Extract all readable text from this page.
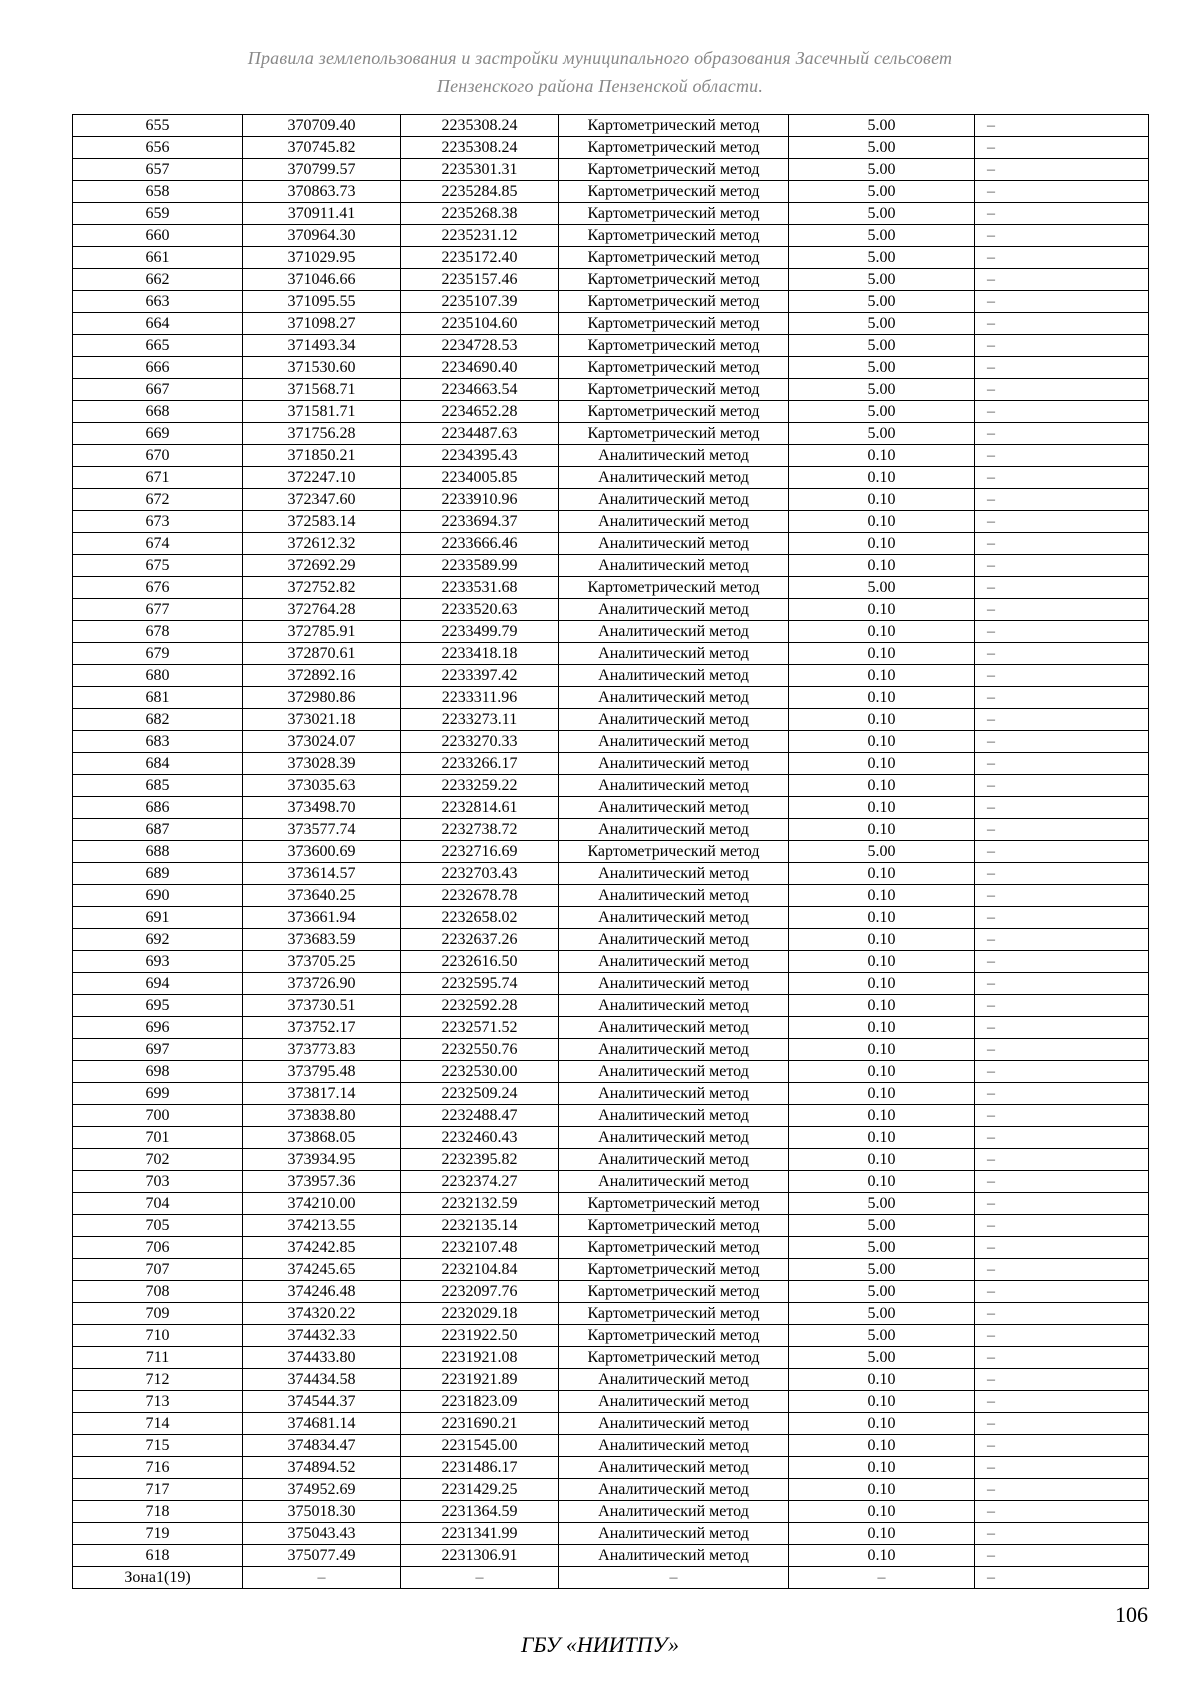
Правила землепользования и застройки муниципального образования Засечный сельсовет
Пензенского района Пензенской области.
655	370709.40	2235308.24	Картометрический метод	5.00	–
656	370745.82	2235308.24	Картометрический метод	5.00	–
657	370799.57	2235301.31	Картометрический метод	5.00	–
658	370863.73	2235284.85	Картометрический метод	5.00	–
659	370911.41	2235268.38	Картометрический метод	5.00	–
660	370964.30	2235231.12	Картометрический метод	5.00	–
661	371029.95	2235172.40	Картометрический метод	5.00	–
662	371046.66	2235157.46	Картометрический метод	5.00	–
663	371095.55	2235107.39	Картометрический метод	5.00	–
664	371098.27	2235104.60	Картометрический метод	5.00	–
665	371493.34	2234728.53	Картометрический метод	5.00	–
666	371530.60	2234690.40	Картометрический метод	5.00	–
667	371568.71	2234663.54	Картометрический метод	5.00	–
668	371581.71	2234652.28	Картометрический метод	5.00	–
669	371756.28	2234487.63	Картометрический метод	5.00	–
670	371850.21	2234395.43	Аналитический метод	0.10	–
671	372247.10	2234005.85	Аналитический метод	0.10	–
672	372347.60	2233910.96	Аналитический метод	0.10	–
673	372583.14	2233694.37	Аналитический метод	0.10	–
674	372612.32	2233666.46	Аналитический метод	0.10	–
675	372692.29	2233589.99	Аналитический метод	0.10	–
676	372752.82	2233531.68	Картометрический метод	5.00	–
677	372764.28	2233520.63	Аналитический метод	0.10	–
678	372785.91	2233499.79	Аналитический метод	0.10	–
679	372870.61	2233418.18	Аналитический метод	0.10	–
680	372892.16	2233397.42	Аналитический метод	0.10	–
681	372980.86	2233311.96	Аналитический метод	0.10	–
682	373021.18	2233273.11	Аналитический метод	0.10	–
683	373024.07	2233270.33	Аналитический метод	0.10	–
684	373028.39	2233266.17	Аналитический метод	0.10	–
685	373035.63	2233259.22	Аналитический метод	0.10	–
686	373498.70	2232814.61	Аналитический метод	0.10	–
687	373577.74	2232738.72	Аналитический метод	0.10	–
688	373600.69	2232716.69	Картометрический метод	5.00	–
689	373614.57	2232703.43	Аналитический метод	0.10	–
690	373640.25	2232678.78	Аналитический метод	0.10	–
691	373661.94	2232658.02	Аналитический метод	0.10	–
692	373683.59	2232637.26	Аналитический метод	0.10	–
693	373705.25	2232616.50	Аналитический метод	0.10	–
694	373726.90	2232595.74	Аналитический метод	0.10	–
695	373730.51	2232592.28	Аналитический метод	0.10	–
696	373752.17	2232571.52	Аналитический метод	0.10	–
697	373773.83	2232550.76	Аналитический метод	0.10	–
698	373795.48	2232530.00	Аналитический метод	0.10	–
699	373817.14	2232509.24	Аналитический метод	0.10	–
700	373838.80	2232488.47	Аналитический метод	0.10	–
701	373868.05	2232460.43	Аналитический метод	0.10	–
702	373934.95	2232395.82	Аналитический метод	0.10	–
703	373957.36	2232374.27	Аналитический метод	0.10	–
704	374210.00	2232132.59	Картометрический метод	5.00	–
705	374213.55	2232135.14	Картометрический метод	5.00	–
706	374242.85	2232107.48	Картометрический метод	5.00	–
707	374245.65	2232104.84	Картометрический метод	5.00	–
708	374246.48	2232097.76	Картометрический метод	5.00	–
709	374320.22	2232029.18	Картометрический метод	5.00	–
710	374432.33	2231922.50	Картометрический метод	5.00	–
711	374433.80	2231921.08	Картометрический метод	5.00	–
712	374434.58	2231921.89	Аналитический метод	0.10	–
713	374544.37	2231823.09	Аналитический метод	0.10	–
714	374681.14	2231690.21	Аналитический метод	0.10	–
715	374834.47	2231545.00	Аналитический метод	0.10	–
716	374894.52	2231486.17	Аналитический метод	0.10	–
717	374952.69	2231429.25	Аналитический метод	0.10	–
718	375018.30	2231364.59	Аналитический метод	0.10	–
719	375043.43	2231341.99	Аналитический метод	0.10	–
618	375077.49	2231306.91	Аналитический метод	0.10	–
Зона1(19)	–	–	–	–	–
106
ГБУ «НИИТПУ»
